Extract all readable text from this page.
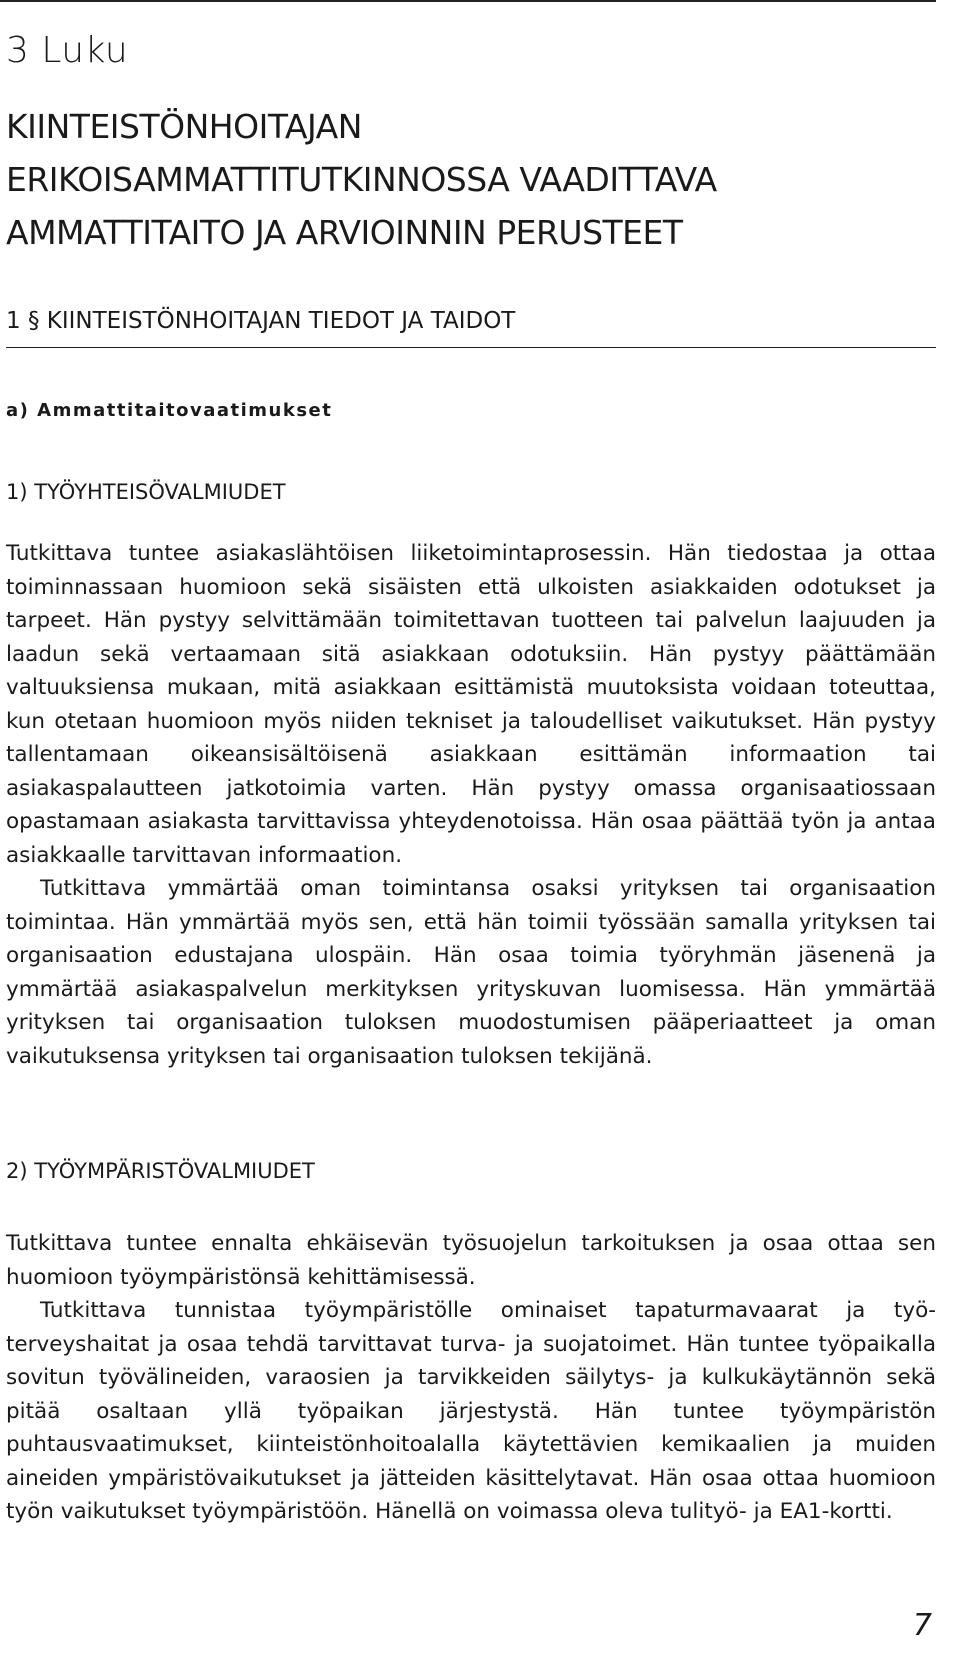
3 Luku
KIINTEISTÖNHOITAJAN
ERIKOISAMMATTITUTKINNOSSA VAADITTAVA
AMMATTITAITO JA ARVIOINNIN PERUSTEET
1 § KIINTEISTÖNHOITAJAN TIEDOT JA TAIDOT
a) Ammattitaitovaatimukset
1) TYÖYHTEISÖVALMIUDET

Tutkittava tuntee asiakaslähtöisen liiketoimintaprosessin. Hän tiedostaa ja ottaa toiminnassaan huomioon sekä sisäisten että ulkoisten asiakkaiden odotukset ja tarpeet. Hän pystyy selvittämään toimitettavan tuotteen tai palvelun laajuuden ja laadun sekä vertaamaan sitä asiakkaan odotuksiin. Hän pystyy päättämään valtuuksiensa mukaan, mitä asiakkaan esittämistä muutoksista voidaan toteuttaa, kun otetaan huomioon myös niiden tekniset ja taloudelliset vaikutukset. Hän pystyy tallentamaan oikeansisältöisenä asiakkaan esittämän informaation tai asiakaspalautteen jatkotoimia varten. Hän pystyy omassa organisaatiossaan opastamaan asiakasta tarvittavissa yhteydenotoissa. Hän osaa päättää työn ja antaa asiakkaalle tarvittavan informaation.

Tutkittava ymmärtää oman toimintansa osaksi yrityksen tai organisaation toimintaa. Hän ymmärtää myös sen, että hän toimii työssään samalla yrityksen tai organisaation edustajana ulospäin. Hän osaa toimia työryhmän jäsenenä ja ymmärtää asiakaspalvelun merkityksen yrityskuvan luomisessa. Hän ymmärtää yrityksen tai organisaation tuloksen muodostumisen pääperiaatteet ja oman vaikutuksensa yrityksen tai organisaation tuloksen tekijänä.

2) TYÖYMPÄRISTÖVALMIUDET

Tutkittava tuntee ennalta ehkäisevän työsuojelun tarkoituksen ja osaa ottaa sen huomioon työympäristönsä kehittämisessä.

Tutkittava tunnistaa työympäristölle ominaiset tapaturmavaarat ja työterveyshaitat ja osaa tehdä tarvittavat turva- ja suojatoimet. Hän tuntee työpaikalla sovitun työvälineiden, varaosien ja tarvikkeiden säilytys- ja kulkukäytännön sekä pitää osaltaan yllä työpaikan järjestystä. Hän tuntee työympäristön puhtausvaatimukset, kiinteistönhoitoalalla käytettävien kemikaalien ja muiden aineiden ympäristövaikutukset ja jätteiden käsittelytavat. Hän osaa ottaa huomioon työn vaikutukset työympäristöön. Hänellä on voimassa oleva tulityö- ja EA1-kortti.

7
